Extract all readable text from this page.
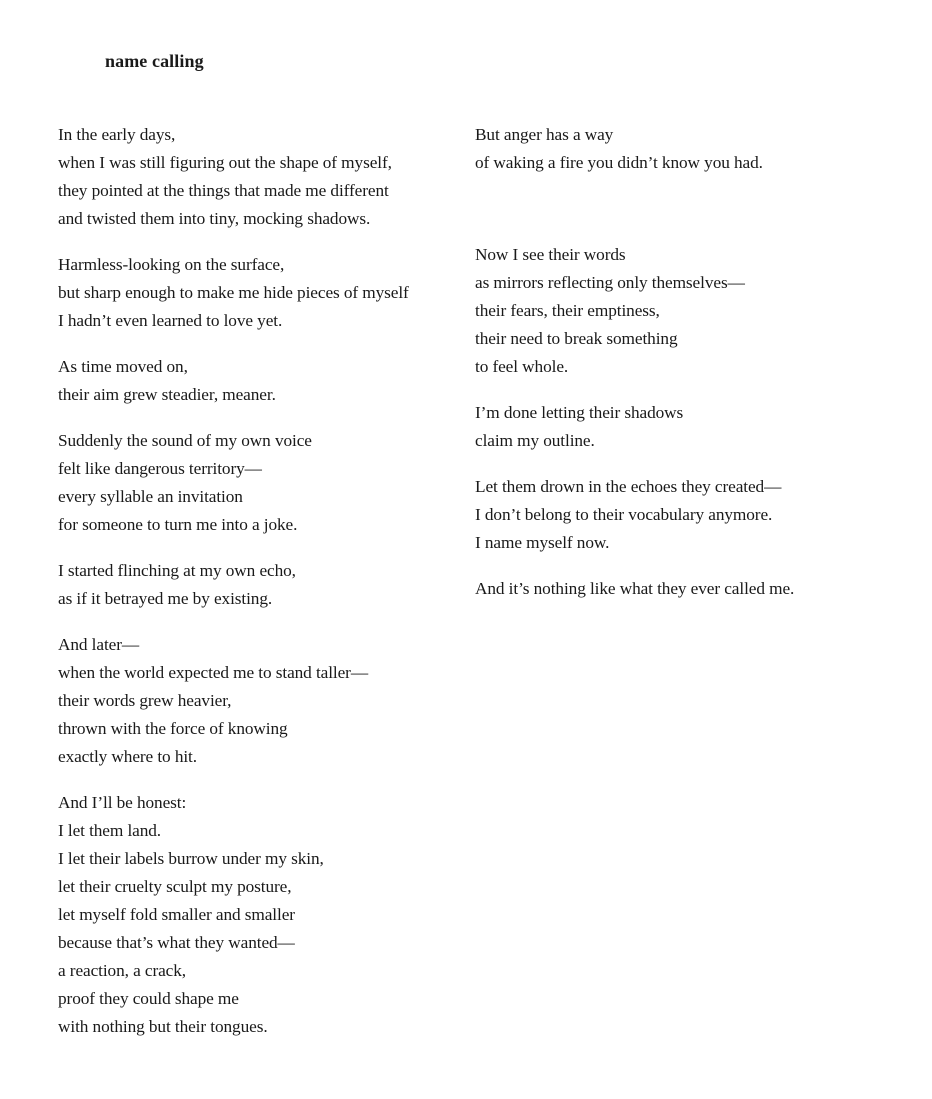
name calling

In the early days,
when I was still figuring out the shape of myself,
they pointed at the things that made me different
and twisted them into tiny, mocking shadows.

Harmless-looking on the surface,
but sharp enough to make me hide pieces of myself
I hadn’t even learned to love yet.

As time moved on,
their aim grew steadier, meaner.

Suddenly the sound of my own voice
felt like dangerous territory—
every syllable an invitation
for someone to turn me into a joke.

I started flinching at my own echo,
as if it betrayed me by existing.

And later—
when the world expected me to stand taller—
their words grew heavier,
thrown with the force of knowing
exactly where to hit.

And I’ll be honest:
I let them land.
I let their labels burrow under my skin,
let their cruelty sculpt my posture,
let myself fold smaller and smaller
because that’s what they wanted—
a reaction, a crack,
proof they could shape me
with nothing but their tongues.

But anger has a way
of waking a fire you didn’t know you had.

Now I see their words
as mirrors reflecting only themselves—
their fears, their emptiness,
their need to break something
to feel whole.

I’m done letting their shadows
claim my outline.

Let them drown in the echoes they created—
I don’t belong to their vocabulary anymore.
I name myself now.

And it’s nothing like what they ever called me.
